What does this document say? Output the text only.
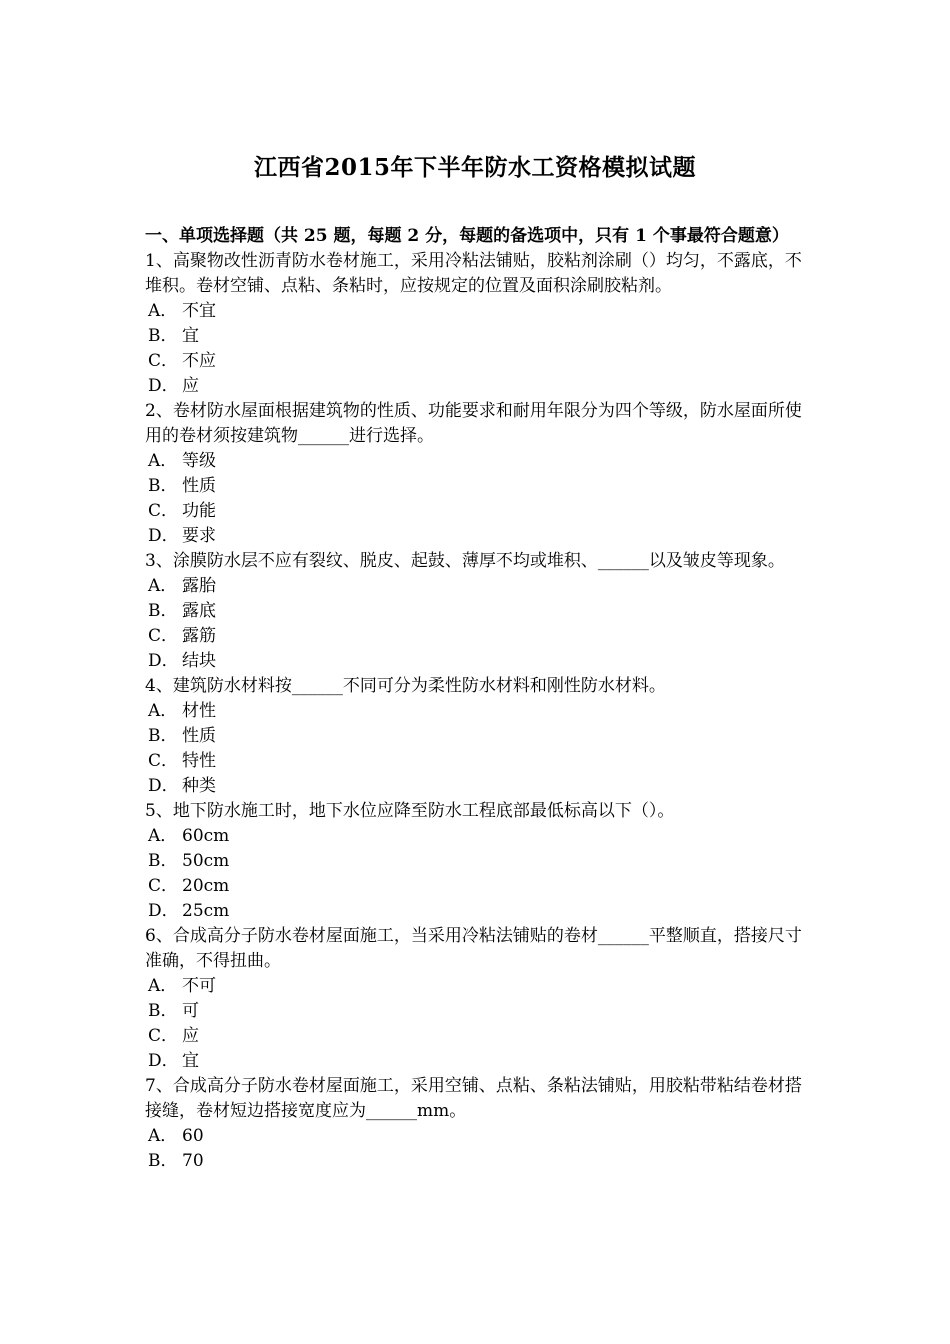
江西省2015年下半年防水工资格模拟试题

一、单项选择题（共 25 题，每题 2 分，每题的备选项中，只有 1 个事最符合题意）

1、高聚物改性沥青防水卷材施工，采用冷粘法铺贴，胶粘剂涂刷（）均匀，不露底，不堆积。卷材空铺、点粘、条粘时，应按规定的位置及面积涂刷胶粘剂。

A． 不宜

B． 宜

C． 不应

D． 应

2、卷材防水屋面根据建筑物的性质、功能要求和耐用年限分为四个等级，防水屋面所使用的卷材须按建筑物______进行选择。

A． 等级

B． 性质

C． 功能

D． 要求

3、涂膜防水层不应有裂纹、脱皮、起鼓、薄厚不均或堆积、______以及皱皮等现象。

A． 露胎

B． 露底

C． 露筋

D． 结块

4、建筑防水材料按______不同可分为柔性防水材料和刚性防水材料。

A． 材性

B． 性质

C． 特性

D． 种类

5、地下防水施工时，地下水位应降至防水工程底部最低标高以下（）。

A． 60cm

B． 50cm

C． 20cm

D． 25cm

6、合成高分子防水卷材屋面施工，当采用冷粘法铺贴的卷材______平整顺直，搭接尺寸准确，不得扭曲。

A． 不可

B． 可

C． 应

D． 宜

7、合成高分子防水卷材屋面施工，采用空铺、点粘、条粘法铺贴，用胶粘带粘结卷材搭接缝，卷材短边搭接宽度应为______mm。

A． 60

B． 70
